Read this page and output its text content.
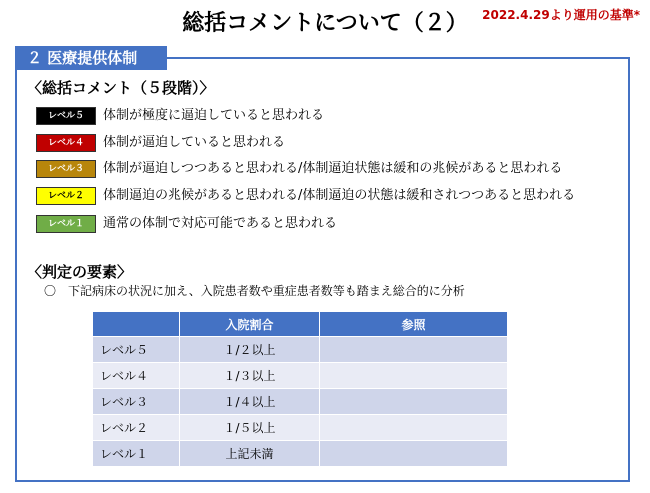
総括コメントについて（２）	2022.4.29より運用の基準*
２ 医療提供体制
〈総括コメント（５段階）〉
レベル５	体制が極度に逼迫していると思われる
レベル４	体制が逼迫していると思われる
レベル３	体制が逼迫しつつあると思われる/体制逼迫状態は緩和の兆候があると思われる
レベル２	体制逼迫の兆候があると思われる/体制逼迫の状態は緩和されつつあると思われる
レベル１	通常の体制で対応可能であると思われる
〈判定の要素〉
〇　下記病床の状況に加え、入院患者数や重症患者数等も踏まえ総合的に分析
	入院割合	参照
レベル５	１/２以上	
レベル４	１/３以上	
レベル３	１/４以上	
レベル２	１/５以上	
レベル１	上記未満	
